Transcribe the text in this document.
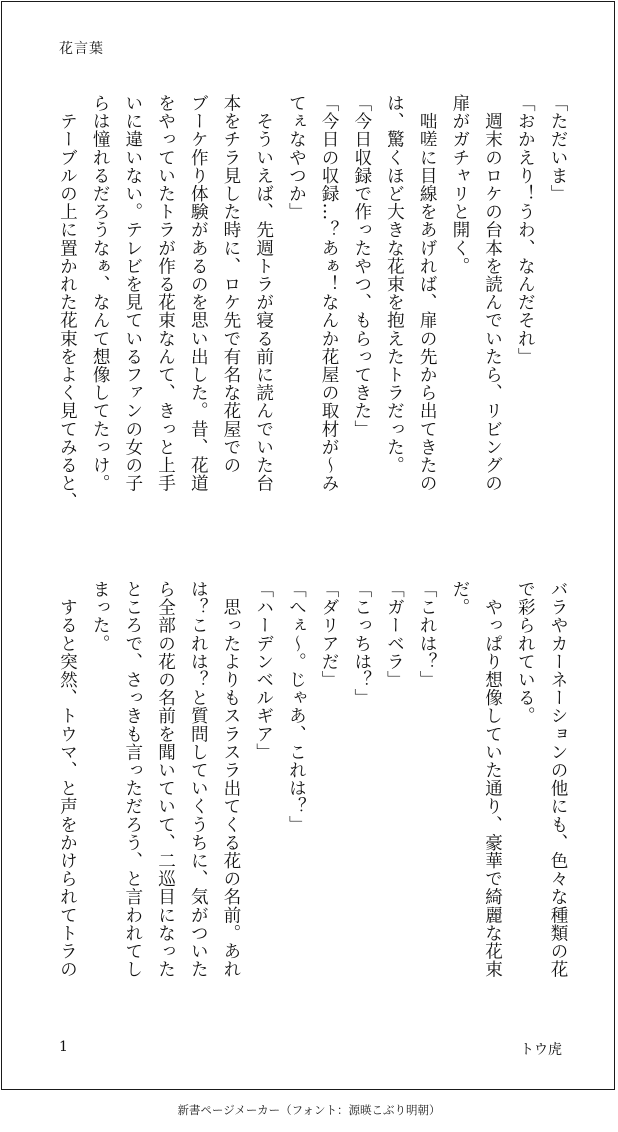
花言葉

「ただいま」

「おかえり！うわ、なんだそれ」

　週末のロケの台本を読んでいたら、リビングの

扉がガチャリと開く。

　咄嗟に目線をあげれば、扉の先から出てきたの

は、驚くほど大きな花束を抱えたトラだった。

「今日収録で作ったやつ、もらってきた」

「今日の収録…？あぁ！なんか花屋の取材が～み

てぇなやつか」

　そういえば、先週トラが寝る前に読んでいた台

本をチラ見した時に、ロケ先で有名な花屋での

ブーケ作り体験があるのを思い出した。昔、花道

をやっていたトラが作る花束なんて、きっと上手

いに違いない。テレビを見ているファンの女の子

らは憧れるだろうなぁ、なんて想像してたっけ。

　テーブルの上に置かれた花束をよく見てみると、

バラやカーネーションの他にも、色々な種類の花

で彩られている。

　やっぱり想像していた通り、豪華で綺麗な花束

だ。

「これは？」

「ガーベラ」

「こっちは？」

「ダリアだ」

「へぇ～。じゃあ、これは？」

「ハーデンベルギア」

　思ったよりもスラスラ出てくる花の名前。あれ

は？これは？と質問していくうちに、気がついた

ら全部の花の名前を聞いていて、二巡目になった

ところで、さっきも言っただろう、と言われてし

まった。

　すると突然、トウマ、と声をかけられてトラの

1	トウ虎
新書ページメーカー（フォント：源暎こぶり明朝）
